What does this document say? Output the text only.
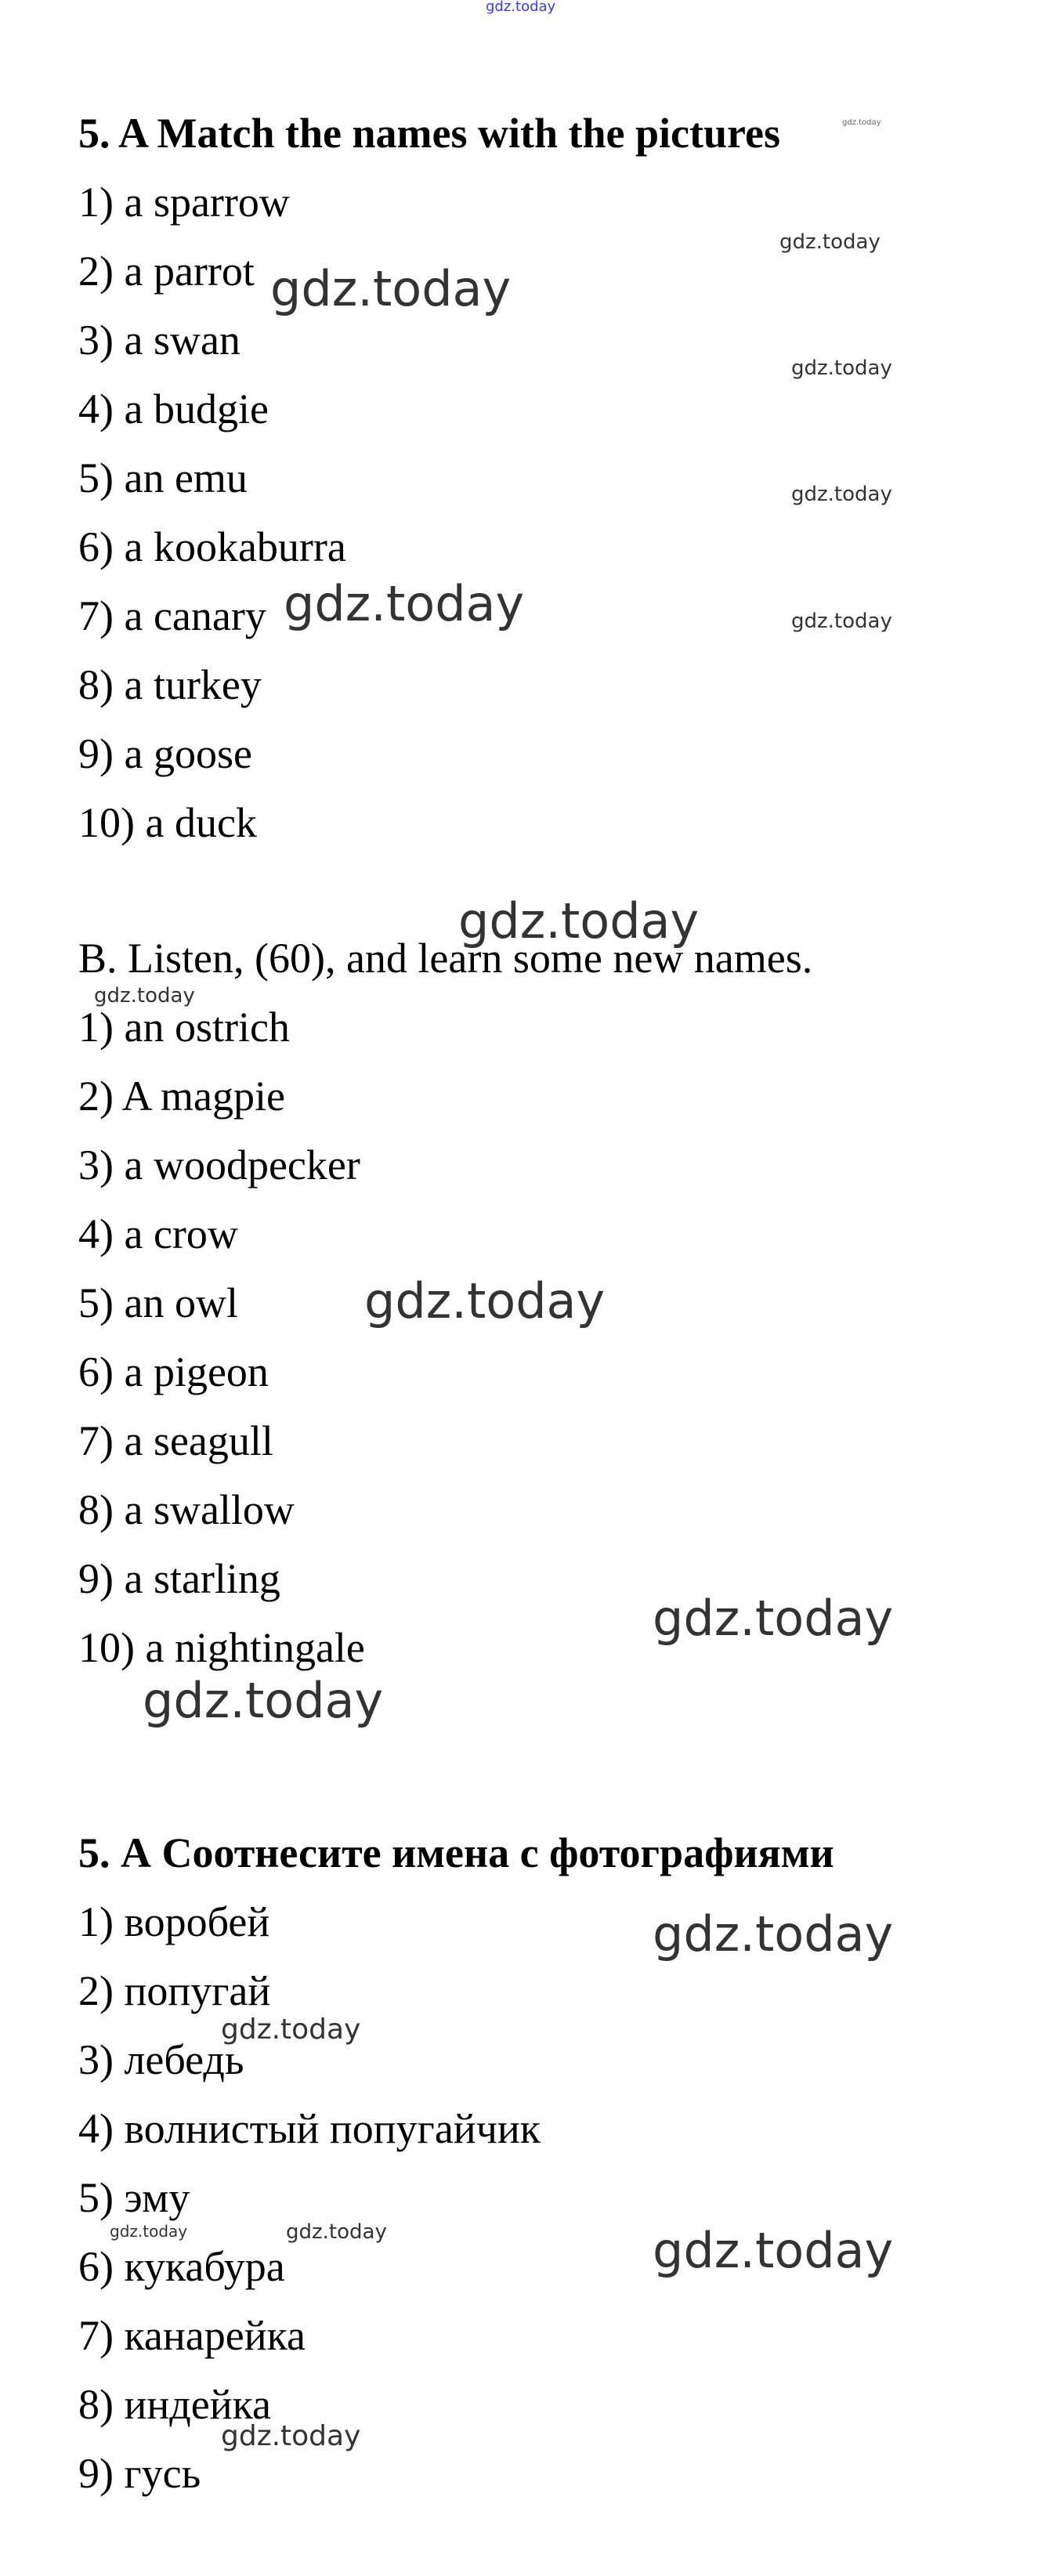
gdz.today
5. A Match the names with the pictures	gdz.today
1) a sparrow
2) a parrot
3) a swan
4) a budgie
5) an emu
6) a kookaburra
7) a canary
8) a turkey
9) a goose
10) a duck
gdz.today
gdz.today
gdz.today
gdz.today
gdz.today	gdz.today
gdz.today
B. Listen, (60), and learn some new names.
gdz.today
1) an ostrich
2) A magpie
3) a woodpecker
4) a crow
5) an owl
6) a pigeon
7) a seagull
8) a swallow
9) a starling
10) a nightingale
gdz.today
gdz.today
gdz.today
5. А Соотнесите имена с фотографиями
1) воробей
2) попугай
3) лебедь
4) волнистый попугайчик
5) эму
6) кукабура
7) канарейка
8) индейка
9) гусь
gdz.today
gdz.today
gdz.today	gdz.today	gdz.today
gdz.today
